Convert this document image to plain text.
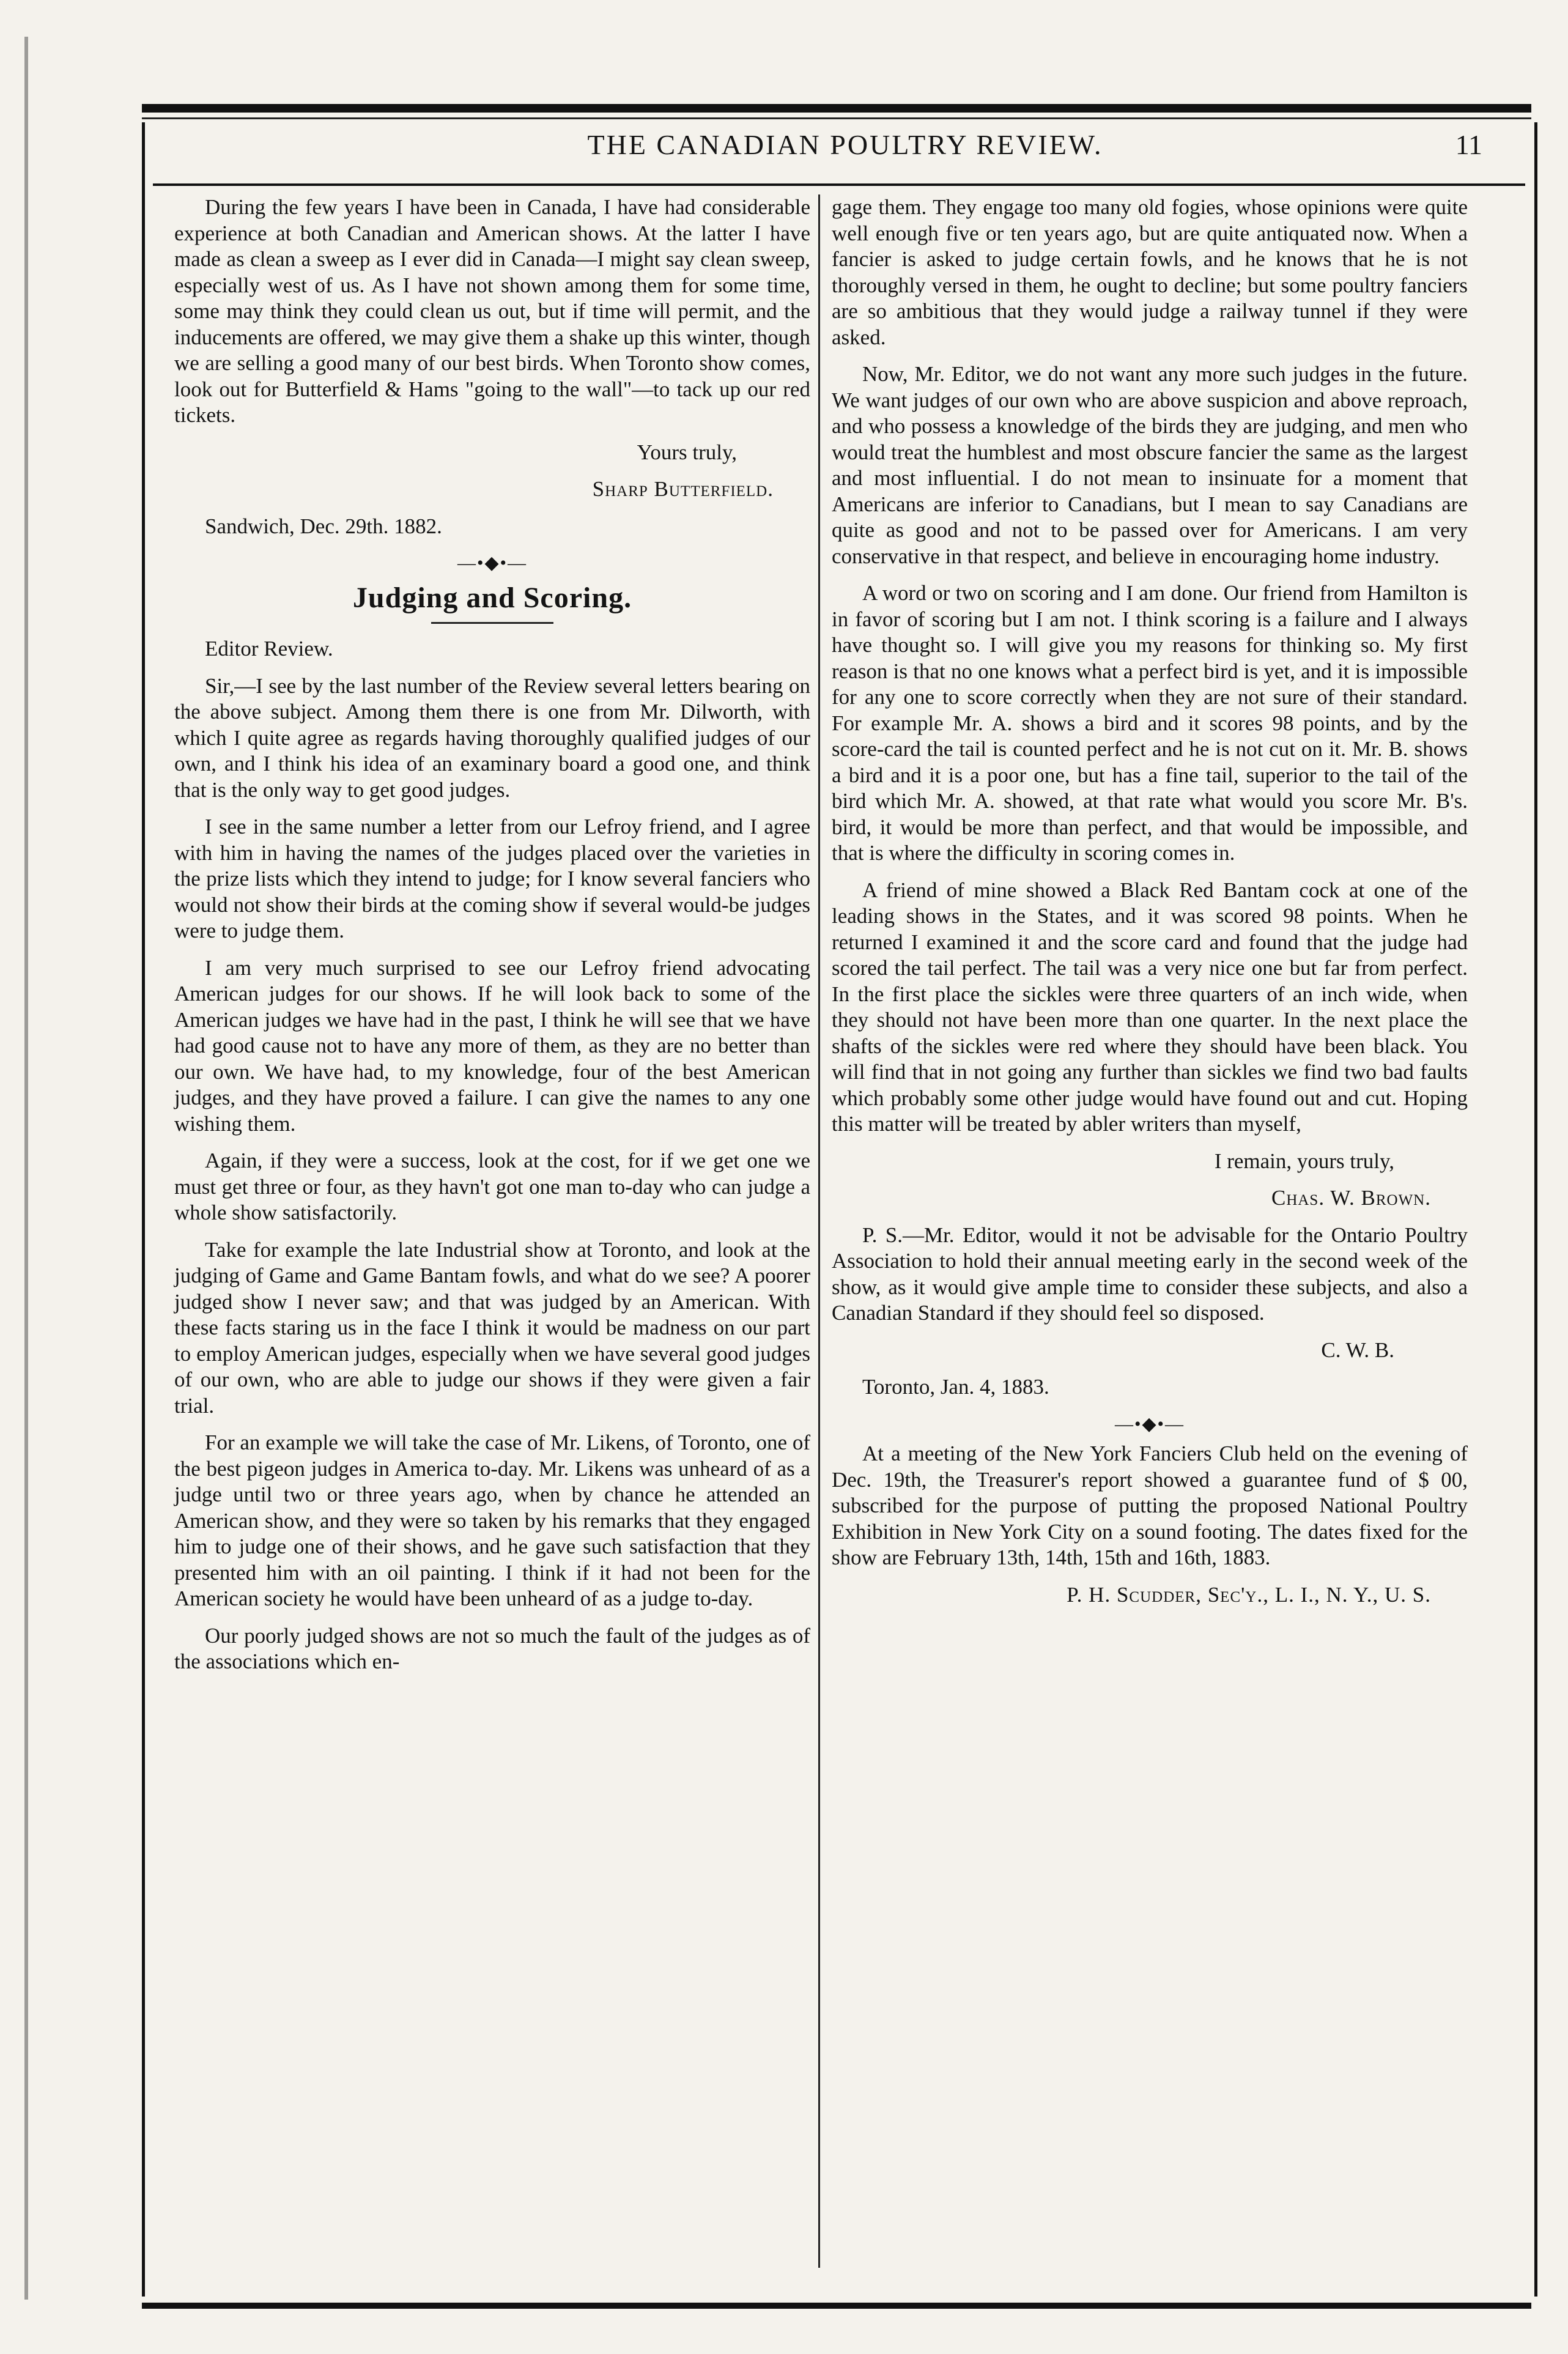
THE CANADIAN POULTRY REVIEW.	11

During the few years I have been in Canada, I have had considerable experience at both Canadian and American shows. At the latter I have made as clean a sweep as I ever did in Canada—I might say clean sweep, especially west of us. As I have not shown among them for some time, some may think they could clean us out, but if time will permit, and the inducements are offered, we may give them a shake up this winter, though we are selling a good many of our best birds. When Toronto show comes, look out for Butterfield & Hams "going to the wall"—to tack up our red tickets.

Yours truly,

Sharp Butterfield.

Sandwich, Dec. 29th. 1882.

—•◆•—
Judging and Scoring.

Editor Review.

Sir,—I see by the last number of the Review several letters bearing on the above subject. Among them there is one from Mr. Dilworth, with which I quite agree as regards having thoroughly qualified judges of our own, and I think his idea of an examinary board a good one, and think that is the only way to get good judges.

I see in the same number a letter from our Lefroy friend, and I agree with him in having the names of the judges placed over the varieties in the prize lists which they intend to judge; for I know several fanciers who would not show their birds at the coming show if several would-be judges were to judge them.

I am very much surprised to see our Lefroy friend advocating American judges for our shows. If he will look back to some of the American judges we have had in the past, I think he will see that we have had good cause not to have any more of them, as they are no better than our own. We have had, to my knowledge, four of the best American judges, and they have proved a failure. I can give the names to any one wishing them.

Again, if they were a success, look at the cost, for if we get one we must get three or four, as they havn't got one man to-day who can judge a whole show satisfactorily.

Take for example the late Industrial show at Toronto, and look at the judging of Game and Game Bantam fowls, and what do we see? A poorer judged show I never saw; and that was judged by an American. With these facts staring us in the face I think it would be madness on our part to employ American judges, especially when we have several good judges of our own, who are able to judge our shows if they were given a fair trial.

For an example we will take the case of Mr. Likens, of Toronto, one of the best pigeon judges in America to-day. Mr. Likens was unheard of as a judge until two or three years ago, when by chance he attended an American show, and they were so taken by his remarks that they engaged him to judge one of their shows, and he gave such satisfaction that they presented him with an oil painting. I think if it had not been for the American society he would have been unheard of as a judge to-day.

Our poorly judged shows are not so much the fault of the judges as of the associations which en-

gage them. They engage too many old fogies, whose opinions were quite well enough five or ten years ago, but are quite antiquated now. When a fancier is asked to judge certain fowls, and he knows that he is not thoroughly versed in them, he ought to decline; but some poultry fanciers are so ambitious that they would judge a railway tunnel if they were asked.

Now, Mr. Editor, we do not want any more such judges in the future. We want judges of our own who are above suspicion and above reproach, and who possess a knowledge of the birds they are judging, and men who would treat the humblest and most obscure fancier the same as the largest and most influential. I do not mean to insinuate for a moment that Americans are inferior to Canadians, but I mean to say Canadians are quite as good and not to be passed over for Americans. I am very conservative in that respect, and believe in encouraging home industry.

A word or two on scoring and I am done. Our friend from Hamilton is in favor of scoring but I am not. I think scoring is a failure and I always have thought so. I will give you my reasons for thinking so. My first reason is that no one knows what a perfect bird is yet, and it is impossible for any one to score correctly when they are not sure of their standard. For example Mr. A. shows a bird and it scores 98 points, and by the score-card the tail is counted perfect and he is not cut on it. Mr. B. shows a bird and it is a poor one, but has a fine tail, superior to the tail of the bird which Mr. A. showed, at that rate what would you score Mr. B's. bird, it would be more than perfect, and that would be impossible, and that is where the difficulty in scoring comes in.

A friend of mine showed a Black Red Bantam cock at one of the leading shows in the States, and it was scored 98 points. When he returned I examined it and the score card and found that the judge had scored the tail perfect. The tail was a very nice one but far from perfect. In the first place the sickles were three quarters of an inch wide, when they should not have been more than one quarter. In the next place the shafts of the sickles were red where they should have been black. You will find that in not going any further than sickles we find two bad faults which probably some other judge would have found out and cut. Hoping this matter will be treated by abler writers than myself,

I remain, yours truly,

Chas. W. Brown.

P. S.—Mr. Editor, would it not be advisable for the Ontario Poultry Association to hold their annual meeting early in the second week of the show, as it would give ample time to consider these subjects, and also a Canadian Standard if they should feel so disposed.

C. W. B.

Toronto, Jan. 4, 1883.

—•◆•—

At a meeting of the New York Fanciers Club held on the evening of Dec. 19th, the Treasurer's report showed a guarantee fund of $ 00, subscribed for the purpose of putting the proposed National Poultry Exhibition in New York City on a sound footing. The dates fixed for the show are February 13th, 14th, 15th and 16th, 1883.

P. H. Scudder, Sec'y., L. I., N. Y., U. S.
